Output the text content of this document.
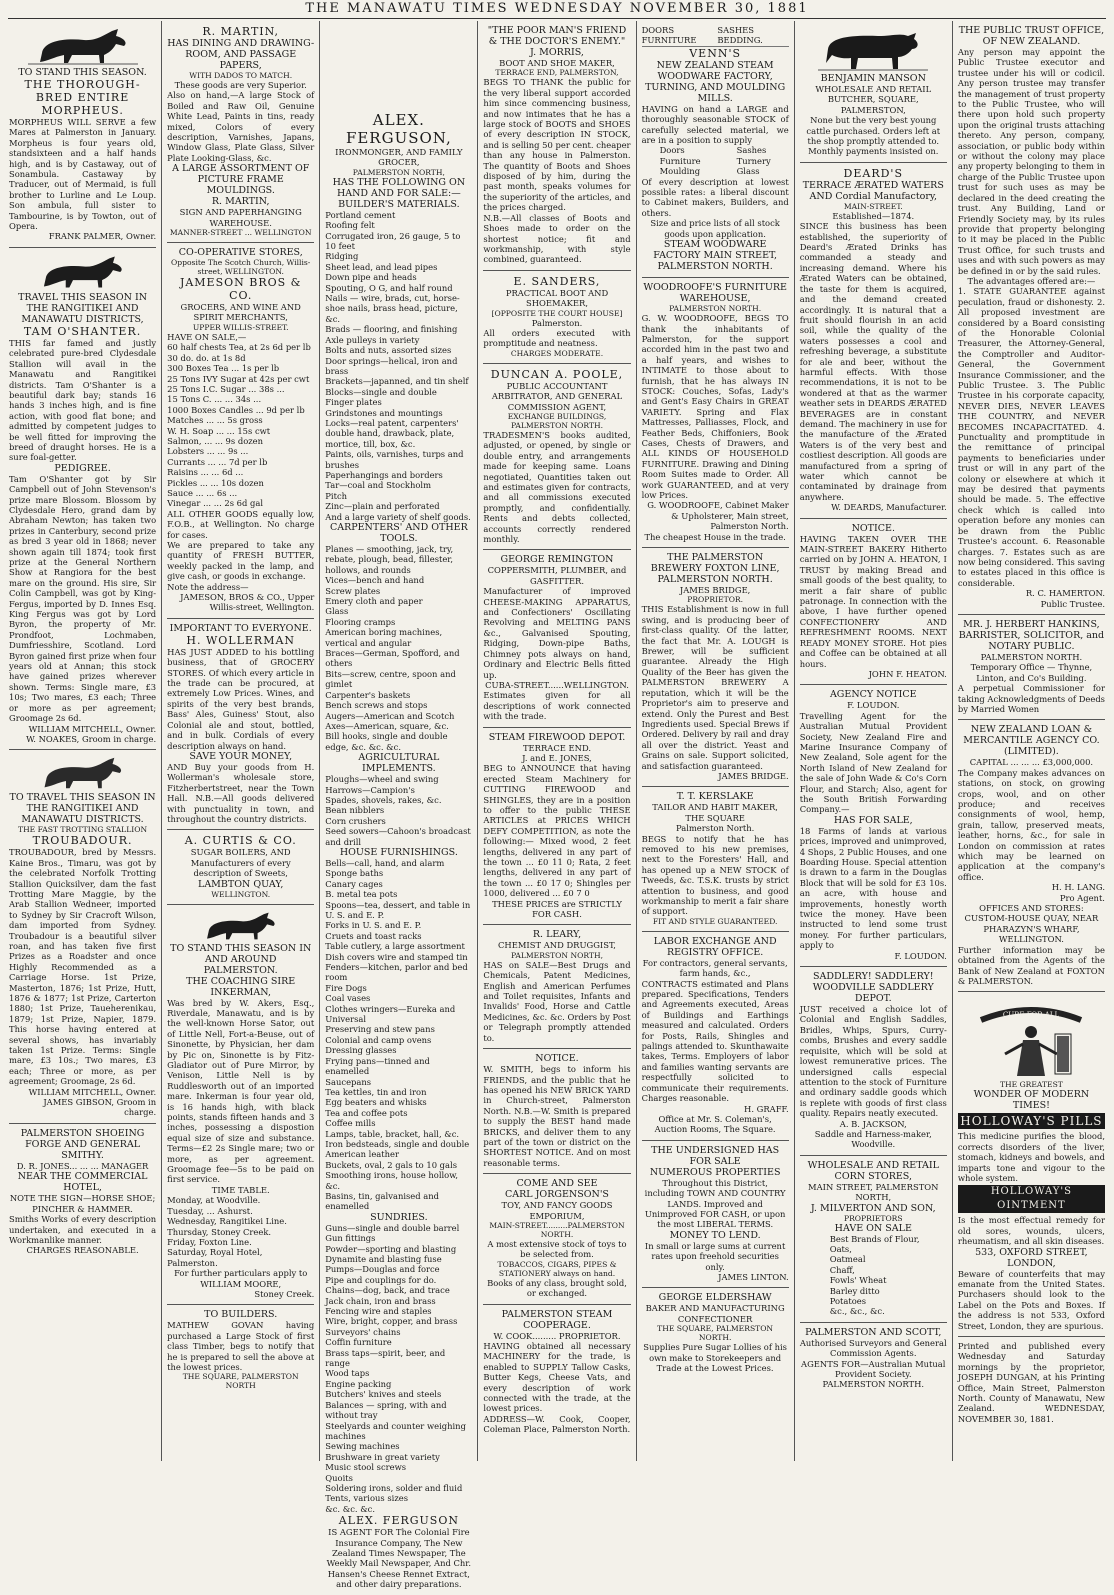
THE MANAWATU TIMES WEDNESDAY NOVEMBER 30, 1881
TO STAND THIS SEASON.
THE THOROUGH-BRED ENTIRE MORPHEUS.
MORPHEUS WILL SERVE a few Mares at Palmerston in January. Morpheus is four years old, standsixteen and a half hands high, and is by Castaway, out of Sonambula. Castaway by Traducer, out of Mermaid, is full brother to Lurline and Le Loup. Son ambula, full sister to Tambourine, is by Towton, out of Opera.
FRANK PALMER, Owner.
TRAVEL THIS SEASON IN THE RANGITIKEI AND MANAWATU DISTRICTS,
TAM O'SHANTER.
THIS far famed and justly celebrated pure-bred Clydesdale Stallion will avail in the Manawatu and Rangitikei districts. Tam O'Shanter is a beautiful dark bay; stands 16 hands 3 inches high, and is fine action, with good flat bone; and admitted by competent judges to be well fitted for improving the breed of draught horses. He is a sure foal-getter.
PEDIGREE.
Tam O'Shanter got by Sir Campbell out of John Stevenson's prize mare Blossom. Blossom by Clydesdale Hero, grand dam by Abraham Newton; has taken two prizes in Canterbury, second prize as bred 3 year old in 1868; never shown again till 1874; took first prize at the General Northern Show at Rangiora for the best mare on the ground. His sire, Sir Colin Campbell, was got by King-Fergus, imported by D. Innes Esq. King Fergus was got by Lord Byron, the property of Mr. Prondfoot, Lochmaben, Dumfriesshire, Scotland. Lord Byron gained first prize when four years old at Annan; this stock have gained prizes wherever shown. Terms: Single mare, £3 10s; Two mares, £3 each; Three or more as per agreement; Groomage 2s 6d.
WILLIAM MITCHELL, Owner.
W. NOAKES, Groom in charge.
TO TRAVEL THIS SEASON IN THE RANGITIKEI AND MANAWATU DISTRICTS.
THE FAST TROTTING STALLION
TROUBADOUR.
TROUBADOUR, bred by Messrs. Kaine Bros., Timaru, was got by the celebrated Norfolk Trotting Stallion Quicksilver, dam the fast Trotting Mare Maggie, by the Arab Stallion Wedneer, imported to Sydney by Sir Cracroft Wilson, dam imported from Sydney. Troubadour is a beautiful silver roan, and has taken five first Prizes as a Roadster and once Highly Recommended as a Carriage Horse. 1st Prize, Masterton, 1876; 1st Prize, Hutt, 1876 & 1877; 1st Prize, Carterton 1880; 1st Prize, Taueherenikau, 1879; 1st Prize, Napier, 1879. This horse having entered at several shows, has invariably taken 1st Prize. Terms: Single mare, £3 10s.; Two mares, £3 each; Three or more, as per agreement; Groomage, 2s 6d.
WILLIAM MITCHELL, Owner.
JAMES GIBSON, Groom in charge.
PALMERSTON SHOEING FORGE AND GENERAL SMITHY.
D. R. JONES... ... ... MANAGER
NEAR THE COMMERCIAL HOTEL,
NOTE THE SIGN—HORSE SHOE; PINCHER & HAMMER.
Smiths Works of every description undertaken, and executed in a Workmanlike manner.
CHARGES REASONABLE.
R. MARTIN,
HAS DINING AND DRAWING-ROOM, AND PASSAGE PAPERS,
WITH DADOS TO MATCH.
These goods are very Superior.
Also on hand,—A large Stock of Boiled and Raw Oil, Genuine White Lead, Paints in tins, ready mixed, Colors of every description, Varnishes, Japans, Window Glass, Plate Glass, Silver Plate Looking-Glass, &c.
A LARGE ASSORTMENT OF PICTURE FRAME MOULDINGS.
R. MARTIN,
SIGN AND PAPERHANGING WAREHOUSE.
MANNER-STREET ... WELLINGTON
CO-OPERATIVE STORES,
Opposite The Scotch Church, Willis-street, WELLINGTON.
JAMESON BROS & CO.
GROCERS, AND WINE AND SPIRIT MERCHANTS,
UPPER WILLIS-STREET.
HAVE ON SALE,—
60 half chests Tea, at 2s 6d per lb
30 do. do. at 1s 8d
300 Boxes Tea ... 1s per lb
25 Tons IVY Sugar at 42s per cwt
25 Tons I.C. Sugar ... 38s ...
15 Tons C. ... ... 34s ...
1000 Boxes Candles ... 9d per lb
Matches ... ... 5s gross
W. H. Soap ... ... 15s cwt
Salmon, ... ... 9s dozen
Lobsters ... ... 9s ...
Currants ... ... 7d per lb
Raisins ... ... 6d ...
Pickles ... ... 10s dozen
Sauce ... ... 6s ...
Vinegar ... ... 2s 6d gal
ALL OTHER GOODS equally low, F.O.B., at Wellington. No charge for cases.
We are prepared to take any quantity of FRESH BUTTER, weekly packed in the lamp, and give cash, or goods in exchange.
Note the address—
JAMESON, BROS & CO., Upper Willis-street, Wellington.
IMPORTANT TO EVERYONE.
H. WOLLERMAN
HAS JUST ADDED to his bottling business, that of GROCERY STORES. Of which every article in the trade can be procured, at extremely Low Prices. Wines, and spirits of the very best brands, Bass' Ales, Guiness' Stout, also Colonial ale and stout, bottled, and in bulk. Cordials of every description always on hand.
SAVE YOUR MONEY,
AND Buy your goods from H. Wollerman's wholesale store, Fitzherbertstreet, near the Town Hall. N.B.—All goods delivered with punctuality in town, and throughout the country districts.
A. CURTIS & CO.
SUGAR BOILERS, AND Manufacturers of every description of Sweets,
LAMBTON QUAY,
WELLINGTON.
TO STAND THIS SEASON IN AND AROUND PALMERSTON.
THE COACHING SIRE INKERMAN,
Was bred by W. Akers, Esq., Riverdale, Manawatu, and is by the well-known Horse Sator, out of Little Nell, Fort-a-Beuse, out of Sinonette, by Physician, her dam by Pic on, Sinonette is by Fitz-Gladiator out of Pure Mirror, by Venison, Little Nell is by Ruddlesworth out of an imported mare. Inkerman is four year old, is 16 hands high, with black points, stands fifteen hands and 3 inches, possessing a dispostion equal size of size and substance. Terms—£2 2s Single mare; two or more, as per agreement. Groomage fee—5s to be paid on first service.
TIME TABLE.
Monday, at Woodville.
Tuesday, ... Ashurst.
Wednesday, Rangitikei Line.
Thursday, Stoney Creek.
Friday, Foxton Line.
Saturday, Royal Hotel, Palmerston.
For further particulars apply to
WILLIAM MOORE,
Stoney Creek.
TO BUILDERS.
MATHEW GOVAN having purchased a Large Stock of first class Timber, begs to notify that he is prepared to sell the above at the lowest prices.
THE SQUARE, PALMERSTON NORTH
ALEX. FERGUSON,
IRONMONGER, AND FAMILY GROCER,
PALMERSTON NORTH,
HAS THE FOLLOWING ON HAND AND FOR SALE:—
BUILDER'S MATERIALS.
Portland cement
Roofing felt
Corrugated iron, 26 gauge, 5 to 10 feet
Ridging
Sheet lead, and lead pipes
Down pipe and heads
Spouting, O G, and half round
Nails — wire, brads, cut, horse-shoe nails, brass head, picture, &c.
Brads — flooring, and finishing
Axle pulleys in variety
Bolts and nuts, assorted sizes
Door springs—helical, iron and brass
Brackets—japanned, and tin shelf
Blocks—single and double
Finger plates
Grindstones and mountings
Locks—real patent, carpenters' double hand, drawback, plate, mortice, till, box, &c.
Paints, oils, varnishes, turps and brushes
Paperhangings and borders
Tar—coal and Stockholm
Pitch
Zinc—plain and perforated
And a large variety of shelf goods.
CARPENTERS' AND OTHER TOOLS.
Planes — smoothing, jack, try, rebate, plough, bead, fillester, hollows, and rounds
Vices—bench and hand
Screw plates
Emery cloth and paper
Glass
Flooring cramps
American boring machines, vertical and angular
Braces—German, Spofford, and others
Bits—screw, centre, spoon and gimlet
Carpenter's baskets
Bench screws and stops
Augers—American and Scotch
Axes—American, square, &c.
Bill hooks, single and double edge, &c. &c. &c.
AGRICULTURAL IMPLEMENTS.
Ploughs—wheel and swing
Harrows—Campion's
Spades, shovels, rakes, &c.
Bean nibblers
Corn crushers
Seed sowers—Cahoon's broadcast and drill
HOUSE FURNISHINGS.
Bells—call, hand, and alarm
Sponge baths
Canary cages
B. metal tea pots
Spoons—tea, dessert, and table in U. S. and E. P.
Forks in U. S. and E. P.
Cruets and toast racks
Table cutlery, a large assortment
Dish covers wire and stamped tin
Fenders—kitchen, parlor and bed room
Fire Dogs
Coal vases
Clothes wringers—Eureka and Universal
Preserving and stew pans
Colonial and camp ovens
Dressing glasses
Frying pans—tinned and enamelled
Saucepans
Tea kettles, tin and iron
Egg beaters and whisks
Tea and coffee pots
Coffee mills
Lamps, table, bracket, hall, &c.
Iron bedsteads, single and double
American leather
Buckets, oval, 2 gals to 10 gals
Smoothing irons, house hollow, &c.
Basins, tin, galvanised and enamelled
SUNDRIES.
Guns—single and double barrel
Gun fittings
Powder—sporting and blasting
Dynamite and blasting fuse
Pumps—Douglas and force
Pipe and couplings for do.
Chains—dog, back, and trace
Jack chain, iron and brass
Fencing wire and staples
Wire, bright, copper, and brass
Surveyors' chains
Coffin furniture
Brass taps—spirit, beer, and range
Wood taps
Engine packing
Butchers' knives and steels
Balances — spring, with and without tray
Steelyards and counter weighing machines
Sewing machines
Brushware in great variety
Music stool screws
Quoits
Soldering irons, solder and fluid
Tents, various sizes
&c. &c. &c.
ALEX. FERGUSON
IS AGENT FOR The Colonial Fire Insurance Company, The New Zealand Times Newspaper, The Weekly Mail Newspaper, And Chr. Hansen's Cheese Rennet Extract, and other dairy preparations.
"THE POOR MAN'S FRIEND & THE DOCTOR'S ENEMY."
J. MORRIS,
BOOT AND SHOE MAKER,
TERRACE END, PALMERSTON,
BEGS TO THANK the public for the very liberal support accorded him since commencing business, and now intimates that he has a large stock of BOOTS and SHOES of every description IN STOCK, and is selling 50 per cent. cheaper than any house in Palmerston. The quantity of Boots and Shoes disposed of by him, during the past month, speaks volumes for the superiority of the articles, and the prices charged.
N.B.—All classes of Boots and Shoes made to order on the shortest notice; fit and workmanship, with style combined, guaranteed.
E. SANDERS,
PRACTICAL BOOT AND SHOEMAKER,
[OPPOSITE THE COURT HOUSE]
Palmerston.
All orders executed with promptitude and neatness.
CHARGES MODERATE.
DUNCAN A. POOLE,
PUBLIC ACCOUNTANT ARBITRATOR, AND GENERAL COMMISSION AGENT,
EXCHANGE BUILDINGS, PALMERSTON NORTH.
TRADESMEN'S books audited, adjusted, or opened, by single or double entry, and arrangements made for keeping same. Loans negotiated, Quantities taken out and estimates given for contracts, and all commissions executed promptly, and confidentially. Rents and debts collected, accounts correctly rendered monthly.
GEORGE REMINGTON
COPPERSMITH, PLUMBER, and GASFITTER.
Manufacturer of improved CHEESE-MAKING APPARATUS, and Confectioners' Oscillating Revolving and MELTING PANS &c., Galvanised Spouting, Ridging, Down-pipe Baths, Chimney pots always on hand, Ordinary and Electric Bells fitted up.
CUBA-STREET......WELLINGTON.
Estimates given for all descriptions of work connected with the trade.
STEAM FIREWOOD DEPOT.
TERRACE END.
J. and E. JONES,
BEG to ANNOUNCE that having erected Steam Machinery for CUTTING FIREWOOD and SHINGLES, they are in a position to offer to the public THESE ARTICLES at PRICES WHICH DEFY COMPETITION, as note the following:— Mixed wood, 2 feet lengths, delivered in any part of the town ... £0 11 0; Rata, 2 feet lengths, delivered in any part of the town ... £0 17 0; Shingles per 1000, delivered ... £0 7 0
THESE PRICES are STRICTLY FOR CASH.
R. LEARY,
CHEMIST AND DRUGGIST,
PALMERSTON NORTH,
HAS on SALE—Best Drugs and Chemicals, Patent Medicines, English and American Perfumes and Toilet requisites, Infants and Invalids' Food, Horse and Cattle Medicines, &c. &c. Orders by Post or Telegraph promptly attended to.
NOTICE.
W. SMITH, begs to inform his FRIENDS, and the public that he has opened his NEW BRICK YARD in Church-street, Palmerston North. N.B.—W. Smith is prepared to supply the BEST hand made BRICKS, and deliver them to any part of the town or district on the SHORTEST NOTICE. And on most reasonable terms.
COME AND SEE
CARL JORGENSON'S
TOY, AND FANCY GOODS EMPORIUM,
MAIN-STREET.........PALMERSTON NORTH.
A most extensive stock of toys to be selected from.
TOBACCOS, CIGARS, PIPES & STATIONERY always on hand.
Books of any class, brought sold, or exchanged.
PALMERSTON STEAM COOPERAGE.
W. COOK......... PROPRIETOR.
HAVING obtained all necessary MACHINERY for the trade, is enabled to SUPPLY Tallow Casks, Butter Kegs, Cheese Vats, and every description of work connected with the trade, at the lowest prices.
ADDRESS—W. Cook, Cooper, Coleman Place, Palmerston North.
DOORS FURNITURE
SASHES BEDDING.
VENN'S
NEW ZEALAND STEAM WOODWARE FACTORY, TURNING, AND MOULDING MILLS.
HAVING on hand a LARGE and thoroughly seasonable STOCK of carefully selected material, we are in a position to supply
Doors
Furniture
Moulding
Sashes
Turnery
Glass
Of every description at lowest possible rates: a liberal discount to Cabinet makers, Builders, and others.
Size and price lists of all stock goods upon application.
STEAM WOODWARE FACTORY MAIN STREET, PALMERSTON NORTH.
WOODROOFE'S FURNITURE WAREHOUSE,
PALMERSTON NORTH.
G. W. WOODROOFE, BEGS TO thank the inhabitants of Palmerston, for the support accorded him in the past two and a half years, and wishes to INTIMATE to those about to furnish, that he has always IN STOCK: Couches, Sofas, Lady's and Gent's Easy Chairs in GREAT VARIETY. Spring and Flax Mattresses, Palliasses, Flock, and Feather Beds, Chiffoniers, Book Cases, Chests of Drawers, and ALL KINDS OF HOUSEHOLD FURNITURE. Drawing and Dining Room Suites made to Order. All work GUARANTEED, and at very low Prices.
G. WOODROOFE, Cabinet Maker & Upholsterer, Main street, Palmerston North.
The cheapest House in the trade.
THE PALMERSTON BREWERY FOXTON LINE, PALMERSTON NORTH.
JAMES BRIDGE,
PROPRIETOR.
THIS Establishment is now in full swing, and is producing beer of first-class quality. Of the latter, the fact that Mr. A. LOUGH is Brewer, will be sufficient guarantee. Already the High Quality of the Beer has given the PALMERSTON BREWERY A reputation, which it will be the Proprietor's aim to preserve and extend. Only the Purest and Best Ingredients used. Special Brews if Ordered. Delivery by rail and dray all over the district. Yeast and Grains on sale. Support solicited, and satisfaction guaranteed.
JAMES BRIDGE.
T. T. KERSLAKE
TAILOR AND HABIT MAKER, THE SQUARE
Palmerston North.
BEGS to notify that he has removed to his new premises, next to the Foresters' Hall, and has opened up a NEW STOCK of Tweeds, &c. T.S.K. trusts by strict attention to business, and good workmanship to merit a fair share of support.
FIT AND STYLE GUARANTEED.
LABOR EXCHANGE AND REGISTRY OFFICE.
For contractors, general servants, farm hands, &c.,
CONTRACTS estimated and Plans prepared. Specifications, Tenders and Agreements executed, Areas of Buildings and Earthings measured and calculated. Orders for Posts, Rails, Shingles and palings attended to. Skunthawaite takes, Terms. Employers of labor and families wanting servants are respectfully solicited to communicate their requirements. Charges reasonable.
H. GRAFF.
Office at Mr. S. Coleman's, Auction Rooms, The Square.
THE UNDERSIGNED HAS FOR SALE
NUMEROUS PROPERTIES
Throughout this District, including TOWN AND COUNTRY LANDS. Improved and Unimproved FOR CASH, or upon the most LIBERAL TERMS.
MONEY TO LEND.
In small or large sums at current rates upon freehold securities only.
JAMES LINTON.
GEORGE ELDERSHAW
BAKER AND MANUFACTURING CONFECTIONER
THE SQUARE, PALMERSTON NORTH.
Supplies Pure Sugar Lollies of his own make to Storekeepers and Trade at the Lowest Prices.
BENJAMIN MANSON
WHOLESALE AND RETAIL BUTCHER, SQUARE, PALMERSTON,
None but the very best young cattle purchased. Orders left at the shop promptly attended to. Monthly payments insisted on.
DEARD'S
TERRACE ÆRATED WATERS AND Cordial Manufactory,
MAIN-STREET.
Established—1874.
SINCE this business has been established, the superiority of Deard's Ærated Drinks has commanded a steady and increasing demand. Where his Ærated Waters can be obtained, the taste for them is acquired, and the demand created accordingly. It is natural that a fruit should flourish in an acid soil, while the quality of the waters possesses a cool and refreshing beverage, a substitute for ale and beer, without the harmful effects. With those recommendations, it is not to be wondered at that as the warmer weather sets in DEARDS ÆRATED BEVERAGES are in constant demand. The machinery in use for the manufacture of the Ærated Waters is of the very best and costliest description. All goods are manufactured from a spring of water which cannot be contaminated by drainage from anywhere.
W. DEARDS, Manufacturer.
NOTICE.
HAVING TAKEN OVER THE MAIN-STREET BAKERY Hitherto carried on by JOHN A. HEATON, I TRUST by making Bread and small goods of the best quality, to merit a fair share of public patronage. In connection with the above, I have further opened CONFECTIONERY AND REFRESHMENT ROOMS. NEXT READY MONEY STORE. Hot pies and Coffee can be obtained at all hours.
JOHN F. HEATON.
AGENCY NOTICE
F. LOUDON.
Travelling Agent for the Australian Mutual Provident Society, New Zealand Fire and Marine Insurance Company of New Zealand, Sole agent for the North Island of New Zealand for the sale of John Wade & Co's Corn Flour, and Starch; Also, agent for the South British Forwarding Company.—
HAS FOR SALE,
18 Farms of lands at various prices, improved and unimproved, 4 Shops, 2 Public Houses, and one Boarding House. Special attention is drawn to a farm in the Douglas Block that will be sold for £3 10s. an acre, with house and improvements, honestly worth twice the money. Have been instructed to lend some trust money. For further particulars, apply to
F. LOUDON.
SADDLERY! SADDLERY!
WOODVILLE SADDLERY DEPOT.
JUST received a choice lot of Colonial and English Saddles, Bridles, Whips, Spurs, Curry-combs, Brushes and every saddle requisite, which will be sold at lowest remunerative prices. The undersigned calls especial attention to the stock of Furniture and ordinary saddle goods which is replete with goods of first class quality. Repairs neatly executed.
A. B. JACKSON,
Saddle and Harness-maker, Woodville.
WHOLESALE AND RETAIL CORN STORES,
MAIN STREET, PALMERSTON NORTH,
J. MILVERTON AND SON,
PROPRIETORS
HAVE ON SALE
Best Brands of Flour,
Oats,
Oatmeal
Chaff,
Fowls' Wheat
Barley ditto
Potatoes
&c., &c., &c.
PALMERSTON AND SCOTT,
Authorised Surveyors and General Commission Agents.
AGENTS FOR—Australian Mutual Provident Society.
PALMERSTON NORTH.
THE PUBLIC TRUST OFFICE, OF NEW ZEALAND.
Any person may appoint the Public Trustee executor and trustee under his will or codicil. Any person trustee may transfer the management of trust property to the Public Trustee, who will there upon hold such property upon the original trusts attaching thereto. Any person, company, association, or public body within or without the colony may place any property belonging to them in charge of the Public Trustee upon trust for such uses as may be declared in the deed creating the trust. Any Building, Land or Friendly Society may, by its rules provide that property belonging to it may be placed in the Public Trust Office, for such trusts and uses and with such powers as may be defined in or by the said rules.
The advantages offered are:—
1. STATE GUARANTEE against peculation, fraud or dishonesty. 2. All proposed investment are considered by a Board consisting of the Honorable Colonial Treasurer, the Attorney-General, the Comptroller and Auditor-General, the Government Insurance Commissioner, and the Public Trustee. 3. The Public Trustee in his corporate capacity, NEVER DIES, NEVER LEAVES THE COUNTRY, and NEVER BECOMES INCAPACITATED. 4. Punctuality and promptitude in the remittance of principal payments to beneficiaries under trust or will in any part of the colony or elsewhere at which it may be desired that payments should be made. 5. The effective check which is called into operation before any monies can be drawn from the Public Trustee's account. 6. Reasonable charges. 7. Estates such as are now being considered. This saving to estates placed in this office is considerable.
R. C. HAMERTON.
Public Trustee.
MR. J. HERBERT HANKINS,
BARRISTER, SOLICITOR, and NOTARY PUBLIC.
PALMERSTON NORTH.
Temporary Office — Thynne, Linton, and Co's Building.
A perpetual Commissioner for taking Acknowledgments of Deeds by Married Women
NEW ZEALAND LOAN & MERCANTILE AGENCY CO. (LIMITED).
CAPITAL ... ... ... £3,000,000.
The Company makes advances on stations, on stock, on growing crops, wool, and on other produce; and receives consignments of wool, hemp, grain, tallow, preserved meats, leather, horns, &c., for sale in London on commission at rates which may be learned on application at the company's office.
H. H. LANG.
Pro Agent.
OFFICES AND STORES: CUSTOM-HOUSE QUAY, NEAR PHARAZYN'S WHARF, WELLINGTON.
Further information may be obtained from the Agents of the Bank of New Zealand at FOXTON & PALMERSTON.
CURE FOR ALL
THE GREATEST
WONDER OF MODERN TIMES!
HOLLOWAY'S PILLS
This medicine purifies the blood, corrects disorders of the liver, stomach, kidneys and bowels, and imparts tone and vigour to the whole system.
HOLLOWAY'S OINTMENT
Is the most effectual remedy for old sores, wounds, ulcers, rheumatism, and all skin diseases.
533, OXFORD STREET, LONDON,
Beware of counterfeits that may emanate from the United States. Purchasers should look to the Label on the Pots and Boxes. If the address is not 533, Oxford Street, London, they are spurious.
Printed and published every Wednesday and Saturday mornings by the proprietor, JOSEPH DUNGAN, at his Printing Office, Main Street, Palmerston North. County of Manawatu, New Zealand. WEDNESDAY, NOVEMBER 30, 1881.
